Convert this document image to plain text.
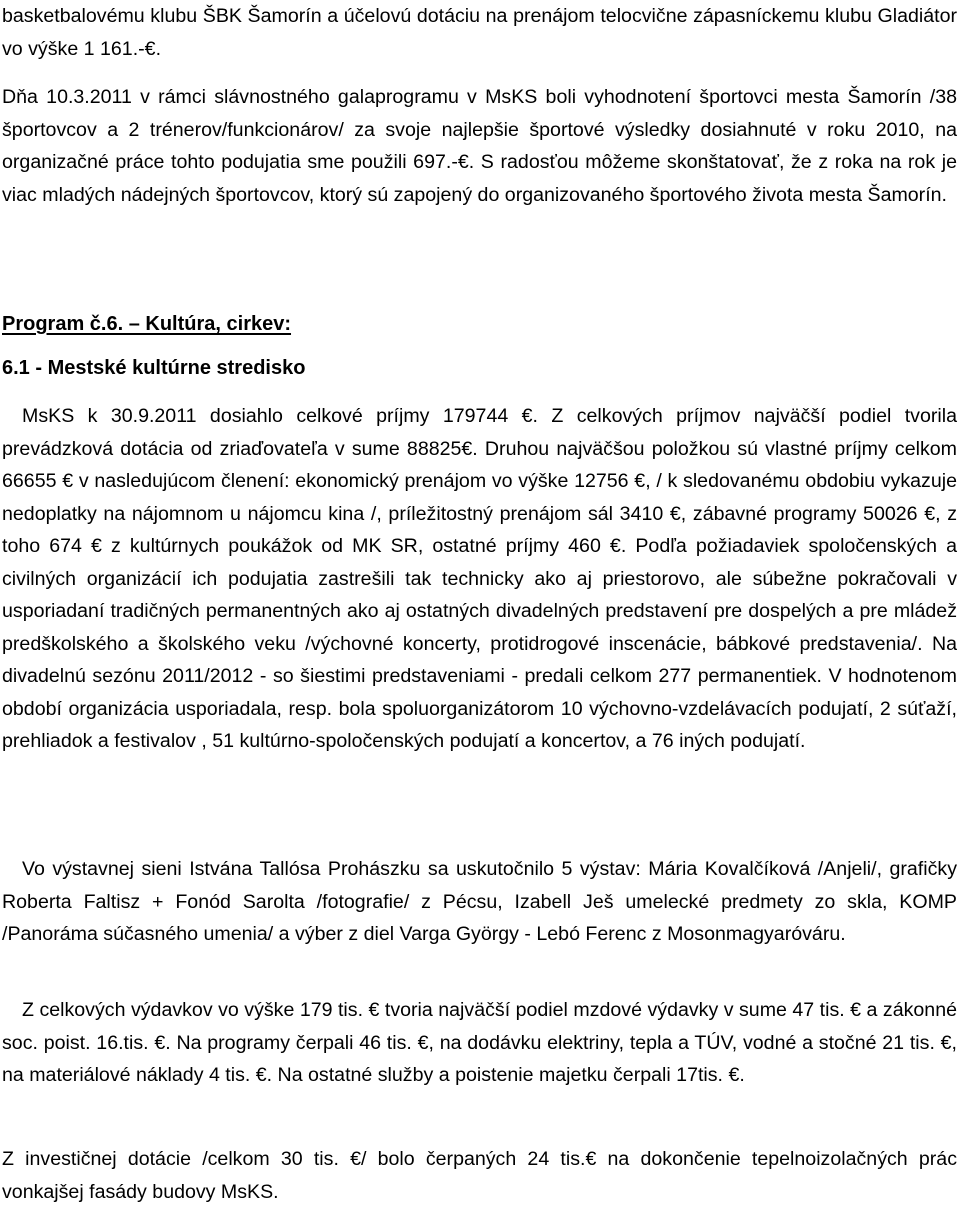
basketbalovému klubu ŠBK Šamorín a účelovú dotáciu na prenájom telocvične zápasníckemu klubu Gladiátor vo výške 1 161.-€.

Dňa 10.3.2011 v rámci slávnostného galaprogramu v MsKS boli vyhodnotení športovci mesta Šamorín /38 športovcov a 2 trénerov/funkcionárov/ za svoje najlepšie športové výsledky dosiahnuté v roku 2010, na organizačné práce tohto podujatia sme použili 697.-€. S radosťou môžeme skonštatovať, že z roka na rok je viac mladých nádejných športovcov, ktorý sú zapojený do organizovaného športového života mesta Šamorín.

Program č.6. – Kultúra, cirkev:

6.1 - Mestské kultúrne stredisko

MsKS k 30.9.2011 dosiahlo celkové príjmy 179744 €. Z celkových príjmov najväčší podiel tvorila prevádzková dotácia od zriaďovateľa v sume 88825€. Druhou najväčšou položkou sú vlastné príjmy celkom 66655 € v nasledujúcom členení: ekonomický prenájom vo výške 12756 €, / k sledovanému obdobiu vykazuje nedoplatky na nájomnom u nájomcu kina /, príležitostný prenájom sál 3410 €, zábavné programy 50026 €, z toho 674 € z kultúrnych poukážok od MK SR, ostatné príjmy 460 €. Podľa požiadaviek spoločenských a civilných organizácií ich podujatia zastrešili tak technicky ako aj priestorovo, ale súbežne pokračovali v usporiadaní tradičných permanentných ako aj ostatných divadelných predstavení pre dospelých a pre mládež predškolského a školského veku /výchovné koncerty, protidrogové inscenácie, bábkové predstavenia/. Na divadelnú sezónu 2011/2012 - so šiestimi predstaveniami - predali celkom 277 permanentiek. V hodnotenom období organizácia usporiadala, resp. bola spoluorganizátorom 10 výchovno-vzdelávacích podujatí, 2 súťaží, prehliadok a festivalov , 51 kultúrno-spoločenských podujatí a koncertov, a 76 iných podujatí.

Vo výstavnej sieni Istvána Tallósa Prohászku sa uskutočnilo 5 výstav: Mária Kovalčíková /Anjeli/, grafičky Roberta Faltisz + Fonód Sarolta /fotografie/ z Pécsu, Izabell Ješ umelecké predmety zo skla, KOMP /Panoráma súčasného umenia/ a výber z diel Varga György - Lebó Ferenc z Mosonmagyaróváru.

Z celkových výdavkov vo výške 179 tis. € tvoria najväčší podiel mzdové výdavky v sume 47 tis. € a zákonné soc. poist. 16.tis. €. Na programy čerpali 46 tis. €, na dodávku elektriny, tepla a TÚV, vodné a stočné 21 tis. €, na materiálové náklady 4 tis. €. Na ostatné služby a poistenie majetku čerpali 17tis. €.

Z investičnej dotácie /celkom 30 tis. €/ bolo čerpaných 24 tis.€ na dokončenie tepelnoizolačných prác vonkajšej fasády budovy MsKS.
